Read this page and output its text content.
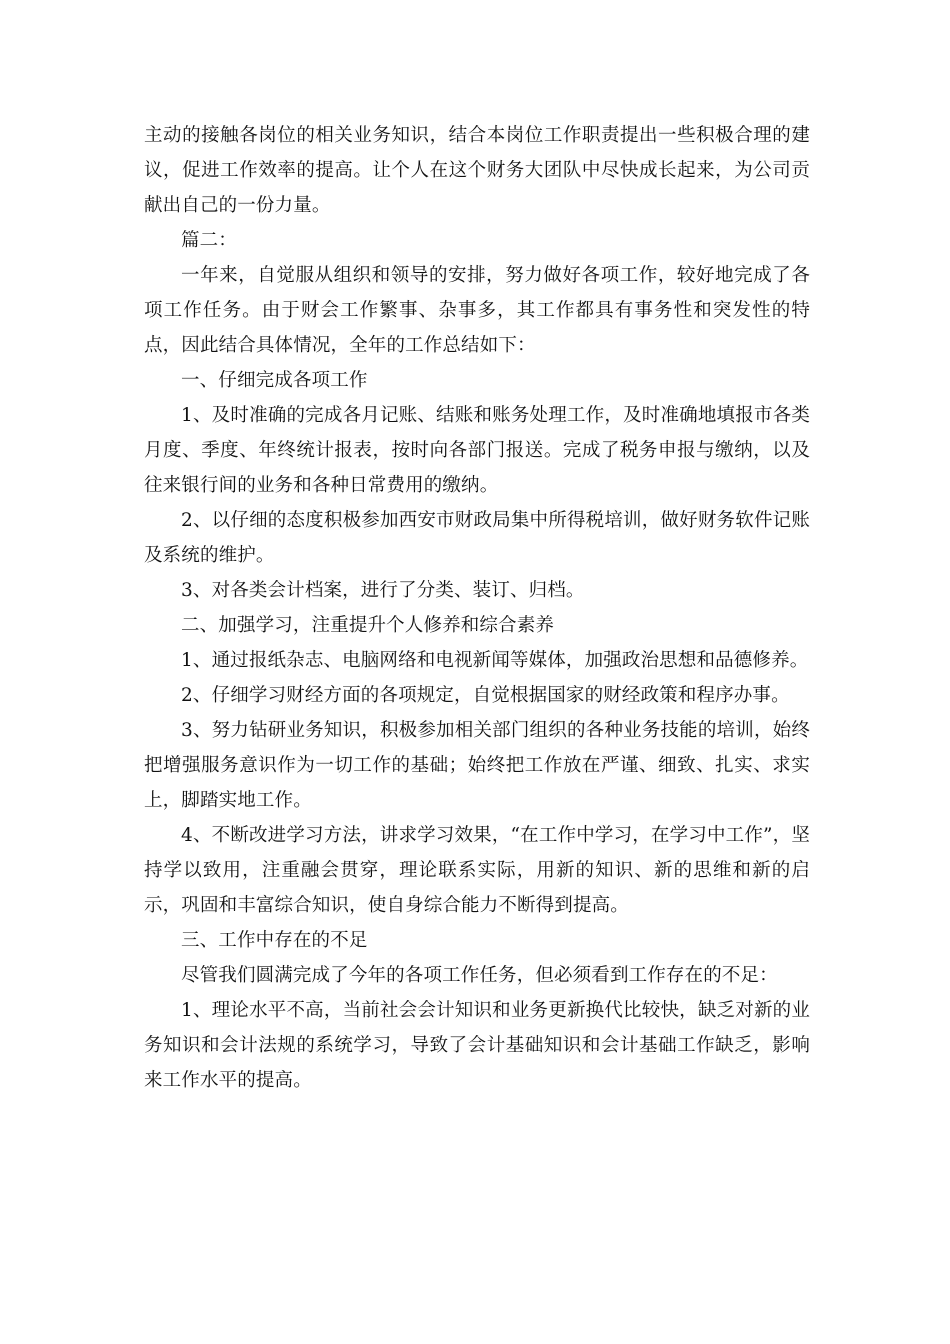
主动的接触各岗位的相关业务知识，结合本岗位工作职责提出一些积极合理的建议，促进工作效率的提高。让个人在这个财务大团队中尽快成长起来，为公司贡献出自己的一份力量。

篇二：

一年来，自觉服从组织和领导的安排，努力做好各项工作，较好地完成了各项工作任务。由于财会工作繁事、杂事多，其工作都具有事务性和突发性的特点，因此结合具体情况，全年的工作总结如下：

一、仔细完成各项工作

1、及时准确的完成各月记账、结账和账务处理工作，及时准确地填报市各类月度、季度、年终统计报表，按时向各部门报送。完成了税务申报与缴纳，以及往来银行间的业务和各种日常费用的缴纳。

2、以仔细的态度积极参加西安市财政局集中所得税培训，做好财务软件记账及系统的维护。

3、对各类会计档案，进行了分类、装订、归档。

二、加强学习，注重提升个人修养和综合素养

1、通过报纸杂志、电脑网络和电视新闻等媒体，加强政治思想和品德修养。

2、仔细学习财经方面的各项规定，自觉根据国家的财经政策和程序办事。

3、努力钻研业务知识，积极参加相关部门组织的各种业务技能的培训，始终把增强服务意识作为一切工作的基础；始终把工作放在严谨、细致、扎实、求实上，脚踏实地工作。

4、不断改进学习方法，讲求学习效果，“在工作中学习，在学习中工作”，坚持学以致用，注重融会贯穿，理论联系实际，用新的知识、新的思维和新的启示，巩固和丰富综合知识，使自身综合能力不断得到提高。

三、工作中存在的不足

尽管我们圆满完成了今年的各项工作任务，但必须看到工作存在的不足：

1、理论水平不高，当前社会会计知识和业务更新换代比较快，缺乏对新的业务知识和会计法规的系统学习，导致了会计基础知识和会计基础工作缺乏，影响来工作水平的提高。
